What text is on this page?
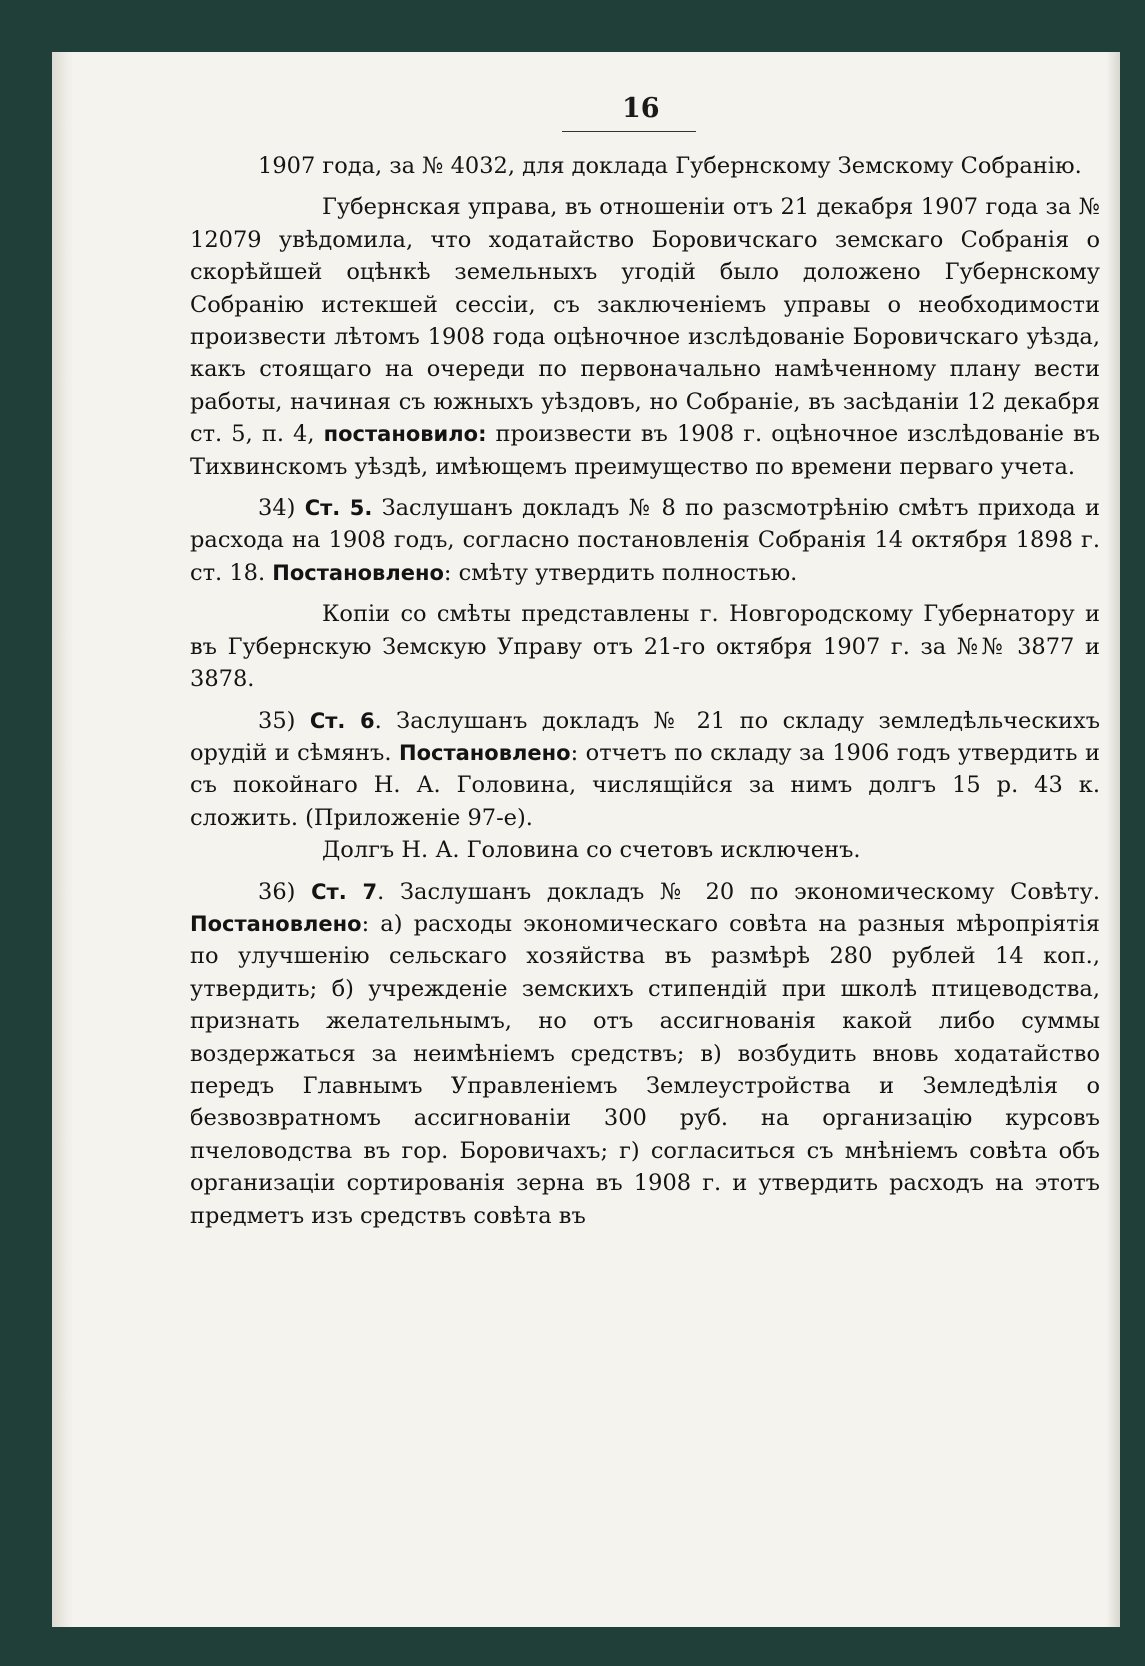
16

1907 года, за № 4032, для доклада Губернскому Земскому Собранію.

Губернская управа, въ отношеніи отъ 21 декабря 1907 года за № 12079 увѣдомила, что ходатайство Боровичскаго земскаго Собранія о скорѣйшей оцѣнкѣ земельныхъ угодій было доложено Губернскому Собранію истекшей сессіи, съ заключеніемъ управы о необходимости произвести лѣтомъ 1908 года оцѣночное изслѣдованіе Боровичскаго уѣзда, какъ стоящаго на очереди по первоначально намѣченному плану вести работы, начиная съ южныхъ уѣздовъ, но Собраніе, въ засѣданіи 12 декабря ст. 5, п. 4, постановило: произвести въ 1908 г. оцѣночное изслѣдованіе въ Тихвинскомъ уѣздѣ, имѣющемъ преимущество по времени перваго учета.

34) Ст. 5. Заслушанъ докладъ № 8 по разсмотрѣнію смѣтъ прихода и расхода на 1908 годъ, согласно постановленія Собранія 14 октября 1898 г. ст. 18. Постановлено: смѣту утвердить полностью.

Копіи со смѣты представлены г. Новгородскому Губернатору и въ Губернскую Земскую Управу отъ 21-го октября 1907 г. за №№ 3877 и 3878.

35) Ст. 6. Заслушанъ докладъ № 21 по складу земледѣльческихъ орудій и сѣмянъ. Постановлено: отчетъ по складу за 1906 годъ утвердить и съ покойнаго Н. А. Головина, числящійся за нимъ долгъ 15 р. 43 к. сложить. (Приложеніе 97-е).

Долгъ Н. А. Головина со счетовъ исключенъ.

36) Ст. 7. Заслушанъ докладъ № 20 по экономическому Совѣту. Постановлено: а) расходы экономическаго совѣта на разныя мѣропріятія по улучшенію сельскаго хозяйства въ размѣрѣ 280 рублей 14 коп., утвердить; б) учрежденіе земскихъ стипендій при школѣ птицеводства, признать желательнымъ, но отъ ассигнованія какой либо суммы воздержаться за неимѣніемъ средствъ; в) возбудить вновь ходатайство передъ Главнымъ Управленіемъ Землеустройства и Земледѣлія о безвозвратномъ ассигнованіи 300 руб. на организацію курсовъ пчеловодства въ гор. Боровичахъ; г) согласиться съ мнѣніемъ совѣта объ организаціи сортированія зерна въ 1908 г. и утвердить расходъ на этотъ предметъ изъ средствъ совѣта въ
